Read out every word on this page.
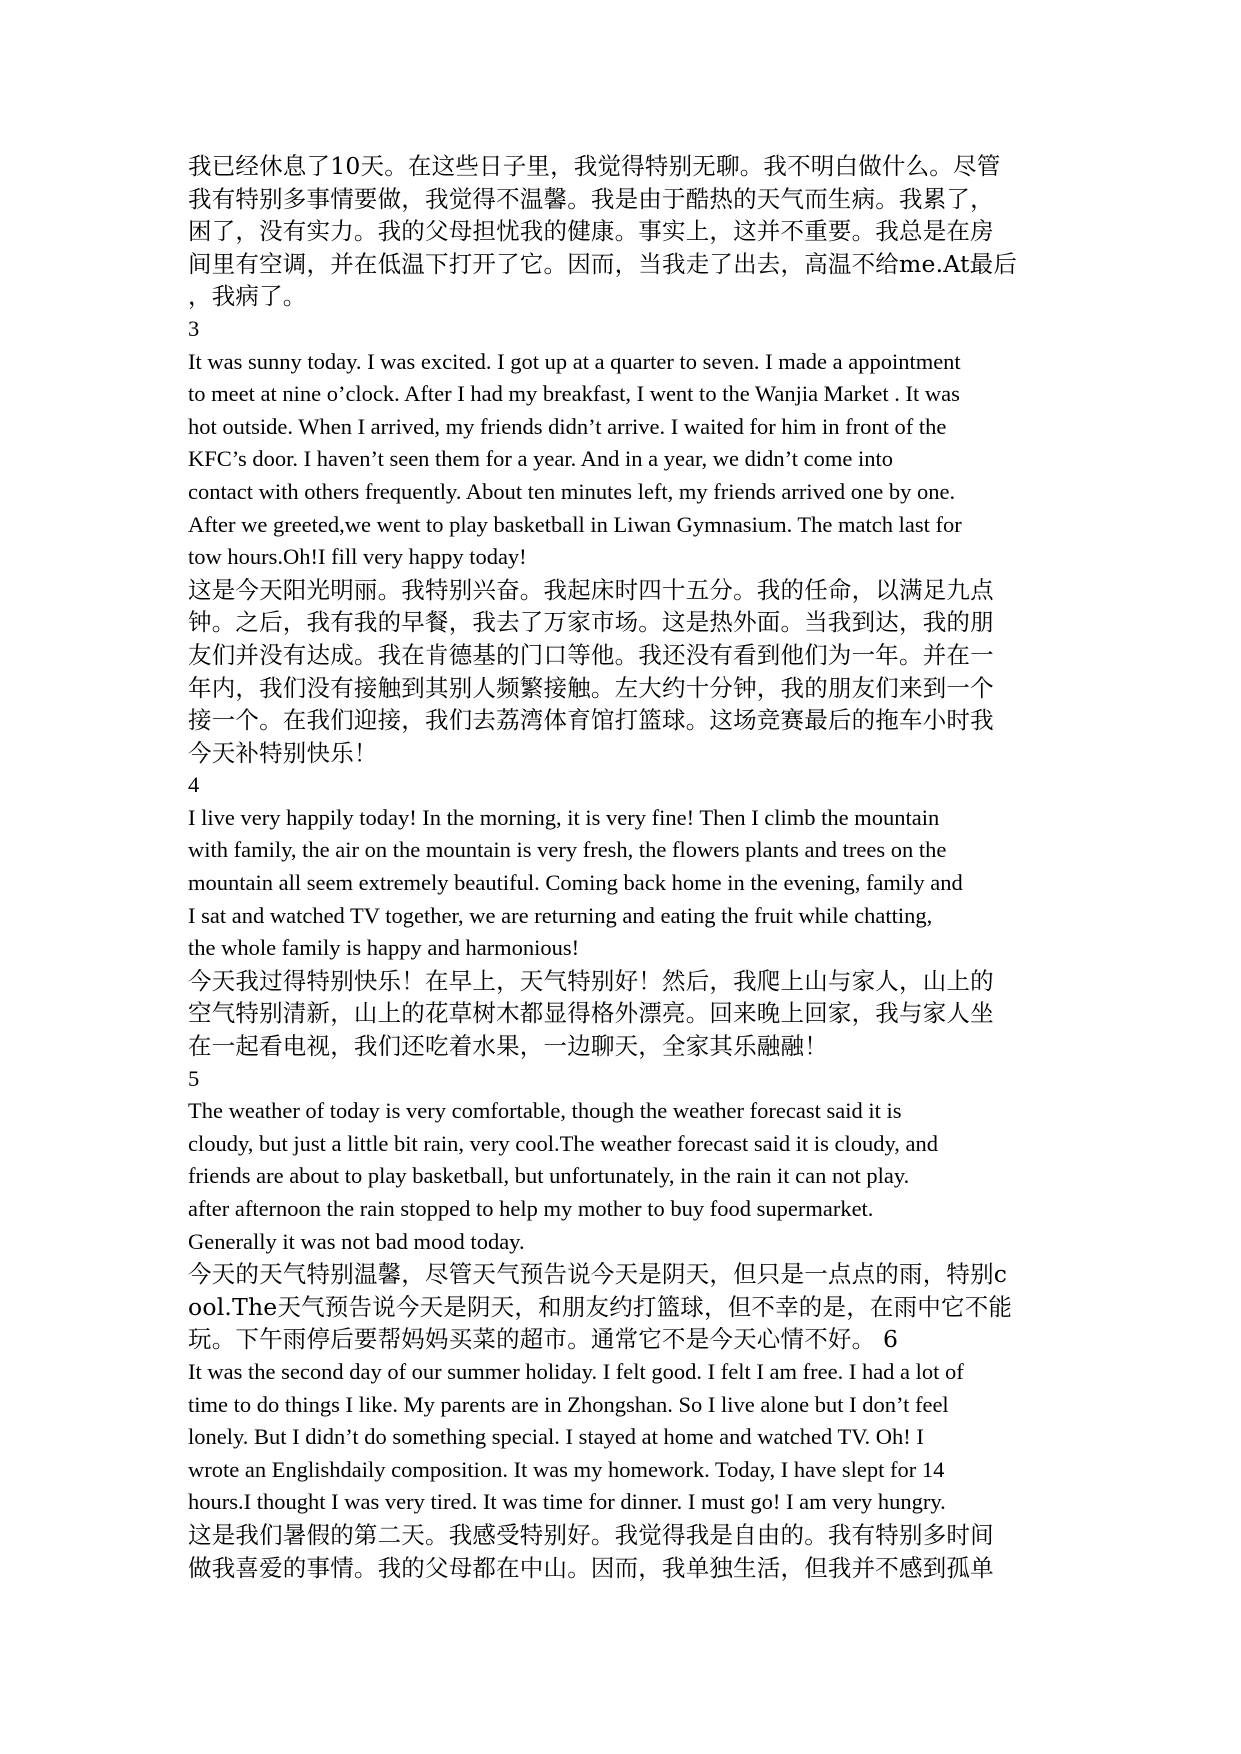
我已经休息了10天。在这些日子里，我觉得特别无聊。我不明白做什么。尽管
我有特别多事情要做，我觉得不温馨。我是由于酷热的天气而生病。我累了，
困了，没有实力。我的父母担忧我的健康。事实上，这并不重要。我总是在房
间里有空调，并在低温下打开了它。因而，当我走了出去，高温不给me.At最后
，我病了。
3
It was sunny today. I was excited. I got up at a quarter to seven. I made a appointment
to meet at nine o’clock. After I had my breakfast, I went to the Wanjia Market . It was
hot outside. When I arrived, my friends didn’t arrive. I waited for him in front of the
KFC’s door. I haven’t seen them for a year. And in a year, we didn’t come into
contact with others frequently. About ten minutes left, my friends arrived one by one.
After we greeted,we went to play basketball in Liwan Gymnasium. The match last for
tow hours.Oh!I fill very happy today!
这是今天阳光明丽。我特别兴奋。我起床时四十五分。我的任命，以满足九点
钟。之后，我有我的早餐，我去了万家市场。这是热外面。当我到达，我的朋
友们并没有达成。我在肯德基的门口等他。我还没有看到他们为一年。并在一
年内，我们没有接触到其别人频繁接触。左大约十分钟，我的朋友们来到一个
接一个。在我们迎接，我们去荔湾体育馆打篮球。这场竞赛最后的拖车小时我
今天补特别快乐！
4
I live very happily today! In the morning, it is very fine! Then I climb the mountain
with family, the air on the mountain is very fresh, the flowers plants and trees on the
mountain all seem extremely beautiful. Coming back home in the evening, family and
I sat and watched TV together, we are returning and eating the fruit while chatting,
the whole family is happy and harmonious!
今天我过得特别快乐！在早上，天气特别好！然后，我爬上山与家人，山上的
空气特别清新，山上的花草树木都显得格外漂亮。回来晚上回家，我与家人坐
在一起看电视，我们还吃着水果，一边聊天，全家其乐融融！
5
The weather of today is very comfortable, though the weather forecast said it is
cloudy, but just a little bit rain, very cool.The weather forecast said it is cloudy, and
friends are about to play basketball, but unfortunately, in the rain it can not play.
after afternoon the rain stopped to help my mother to buy food supermarket.
Generally it was not bad mood today.
今天的天气特别温馨，尽管天气预告说今天是阴天，但只是一点点的雨，特别c
ool.The天气预告说今天是阴天，和朋友约打篮球，但不幸的是，在雨中它不能
玩。下午雨停后要帮妈妈买菜的超市。通常它不是今天心情不好。 6
It was the second day of our summer holiday. I felt good. I felt I am free. I had a lot of
time to do things I like. My parents are in Zhongshan. So I live alone but I don’t feel
lonely. But I didn’t do something special. I stayed at home and watched TV. Oh! I
wrote an Englishdaily composition. It was my homework. Today, I have slept for 14
hours.I thought I was very tired. It was time for dinner. I must go! I am very hungry.
这是我们暑假的第二天。我感受特别好。我觉得我是自由的。我有特别多时间
做我喜爱的事情。我的父母都在中山。因而，我单独生活，但我并不感到孤单
